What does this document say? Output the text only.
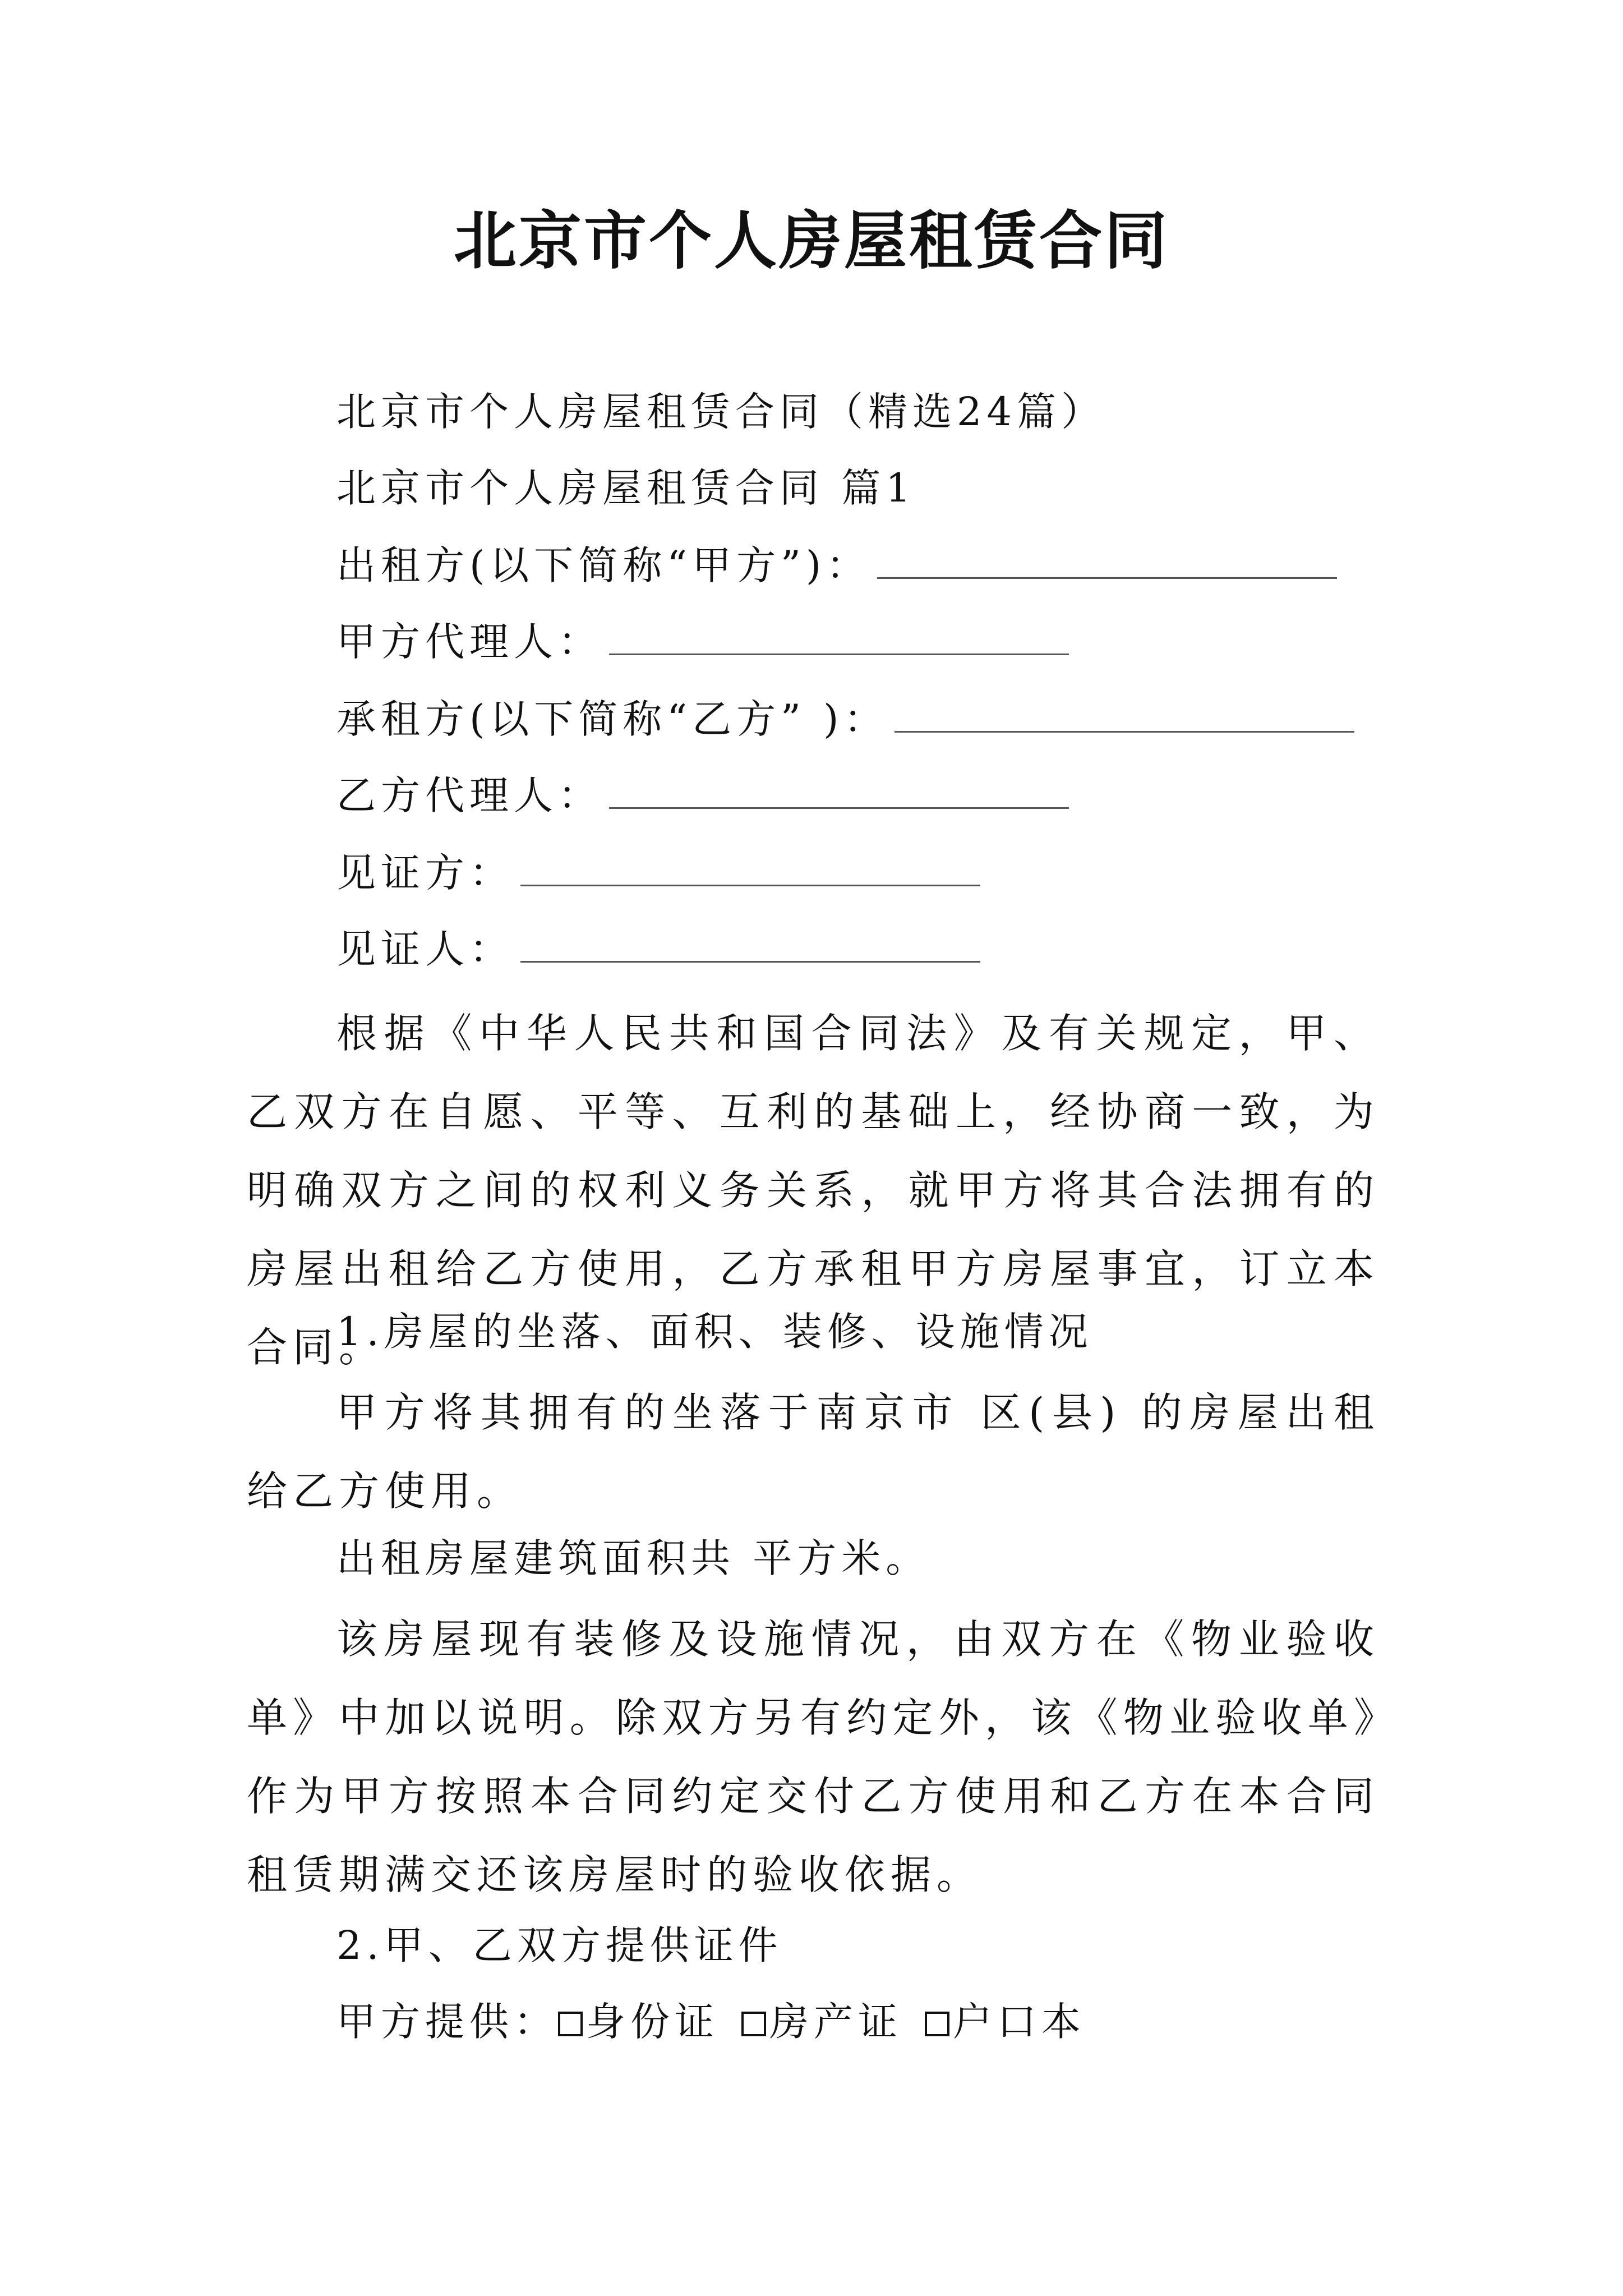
北京市个人房屋租赁合同
北京市个人房屋租赁合同（精选24篇）
北京市个人房屋租赁合同 篇1
出租方(以下简称“甲方”)：
甲方代理人：
承租方(以下简称“乙方” )：
乙方代理人：
见证方：
见证人：
根据《中华人民共和国合同法》及有关规定，甲、乙双方在自愿、平等、互利的基础上，经协商一致，为明确双方之间的权利义务关系，就甲方将其合法拥有的房屋出租给乙方使用，乙方承租甲方房屋事宜，订立本合同。
1.房屋的坐落、面积、装修、设施情况
甲方将其拥有的坐落于南京市 区(县) 的房屋出租给乙方使用。
出租房屋建筑面积共 平方米。
该房屋现有装修及设施情况，由双方在《物业验收单》中加以说明。除双方另有约定外，该《物业验收单》作为甲方按照本合同约定交付乙方使用和乙方在本合同租赁期满交还该房屋时的验收依据。
2.甲、乙双方提供证件
甲方提供： 身份证 房产证 户口本
